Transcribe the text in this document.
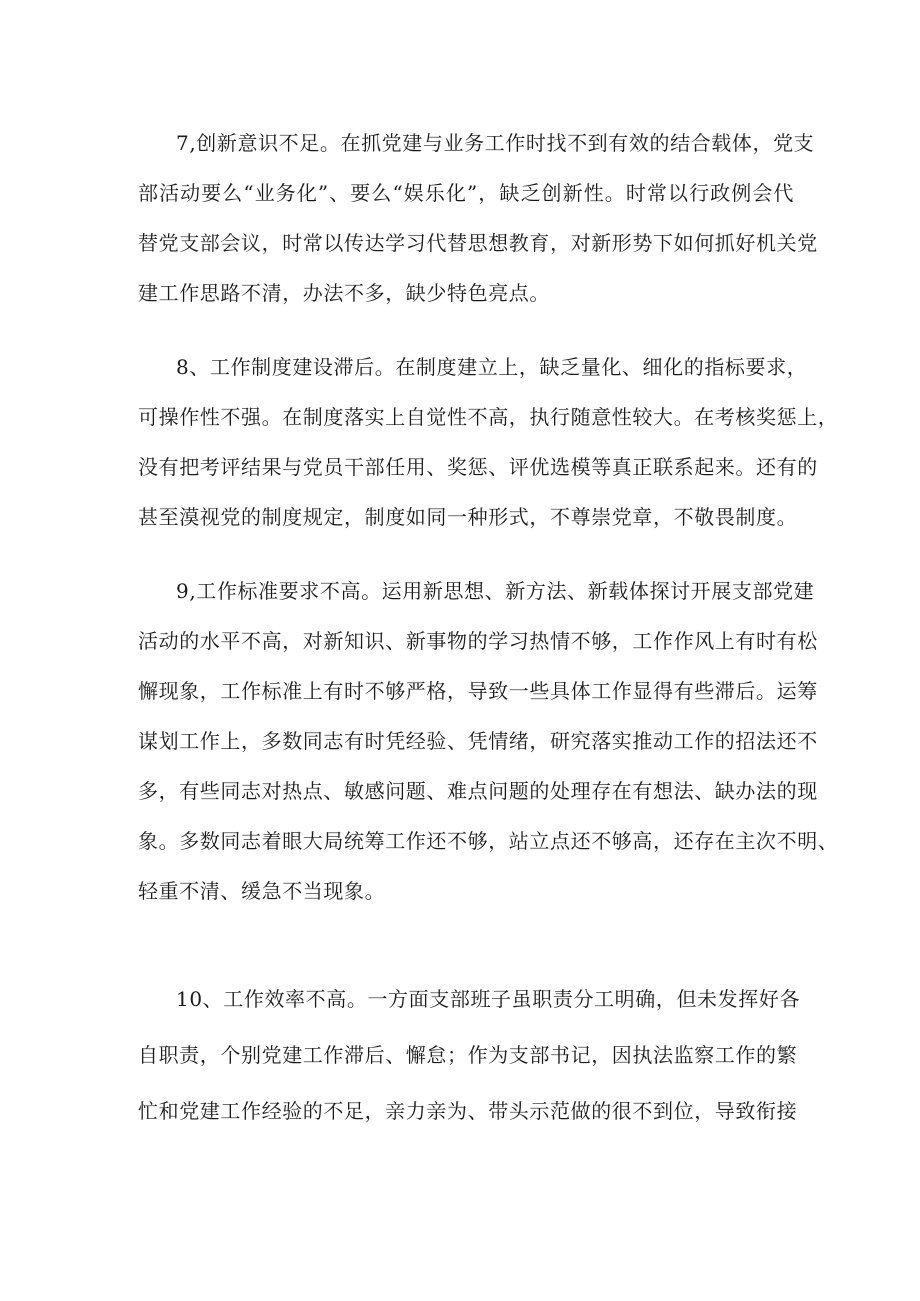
7,创新意识不足。在抓党建与业务工作时找不到有效的结合载体，党支
部活动要么“业务化”、要么“娱乐化”，缺乏创新性。时常以行政例会代
替党支部会议，时常以传达学习代替思想教育，对新形势下如何抓好机关党
建工作思路不清，办法不多，缺少特色亮点。
8、工作制度建设滞后。在制度建立上，缺乏量化、细化的指标要求，
可操作性不强。在制度落实上自觉性不高，执行随意性较大。在考核奖惩上，
没有把考评结果与党员干部任用、奖惩、评优选模等真正联系起来。还有的
甚至漠视党的制度规定，制度如同一种形式，不尊崇党章，不敬畏制度。
9,工作标准要求不高。运用新思想、新方法、新载体探讨开展支部党建
活动的水平不高，对新知识、新事物的学习热情不够，工作作风上有时有松
懈现象，工作标准上有时不够严格，导致一些具体工作显得有些滞后。运筹
谋划工作上，多数同志有时凭经验、凭情绪，研究落实推动工作的招法还不
多，有些同志对热点、敏感问题、难点问题的处理存在有想法、缺办法的现
象。多数同志着眼大局统筹工作还不够，站立点还不够高，还存在主次不明、
轻重不清、缓急不当现象。
10、工作效率不高。一方面支部班子虽职责分工明确，但未发挥好各
自职责，个别党建工作滞后、懈怠；作为支部书记，因执法监察工作的繁
忙和党建工作经验的不足，亲力亲为、带头示范做的很不到位，导致衔接
